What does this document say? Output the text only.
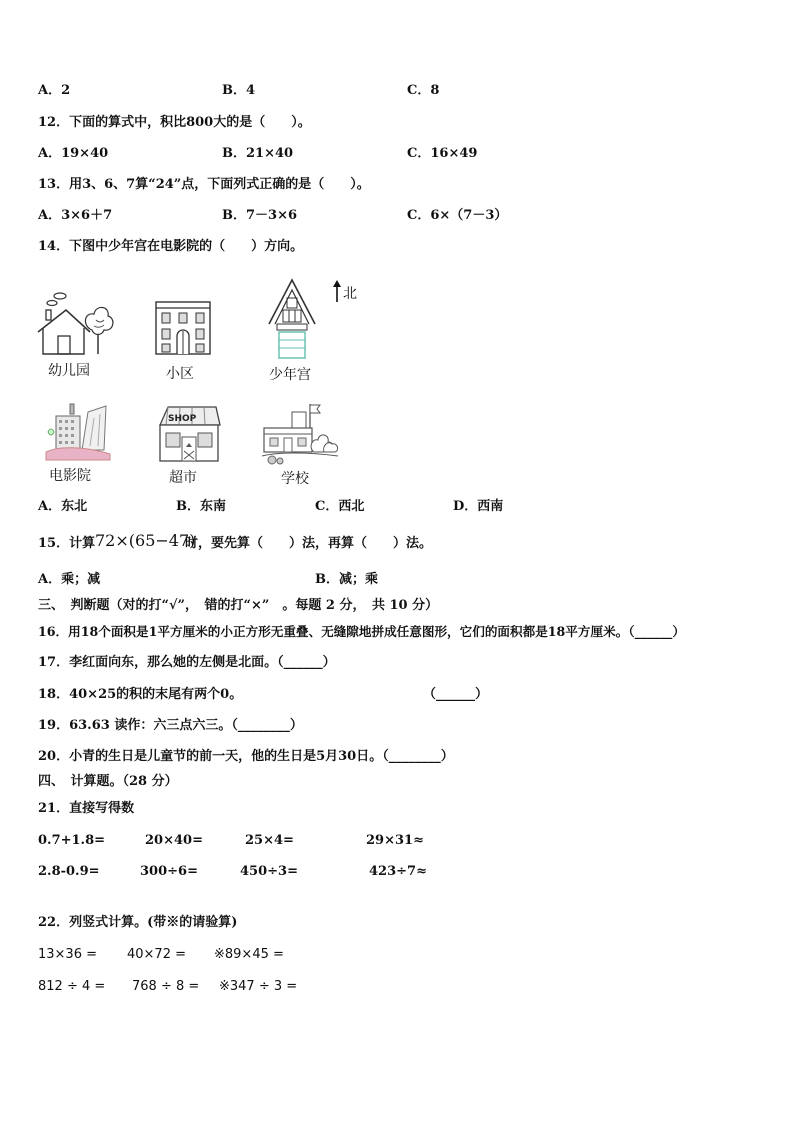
A．2	B．4	C．8
12．下面的算式中，积比800大的是（　　）。
A．19×40	B．21×40	C．16×49
13．用3、6、7算“24”点，下面列式正确的是（　　）。
A．3×6＋7	B．7－3×6	C．6×（7－3）
14．下图中少年宫在电影院的（　　）方向。
北
幼儿园	小区	少年宫
电影院
SHOP
超市	学校
A．东北	B．东南	C．西北	D．西南
15．计算 72×(65−47)
时，要先算（　　）法，再算（　　）法。
A．乘；减	B．减；乘
三、　判断题（对的打“√”，　错的打“×”　。每题 2 分，　共 10 分）
16．用18个面积是1平方厘米的小正方形无重叠、无缝隙地拼成任意图形，它们的面积都是18平方厘米。（______）
17．李红面向东，那么她的左侧是北面。（______）
18．40×25的积的末尾有两个0。	（______）
19．63.63 读作：六三点六三。（________）
20．小青的生日是儿童节的前一天，他的生日是5月30日。（________）
四、　计算题。（28 分）
21．直接写得数
0.7+1.8=	20×40=	25×4=	29×31≈
2.8-0.9=	300÷6=	450÷3=	423÷7≈
22．列竖式计算。(带※的请验算)
13×36 = 40×72 = ※89×45 =
812 ÷ 4 = 768 ÷ 8 = ※347 ÷ 3 =
